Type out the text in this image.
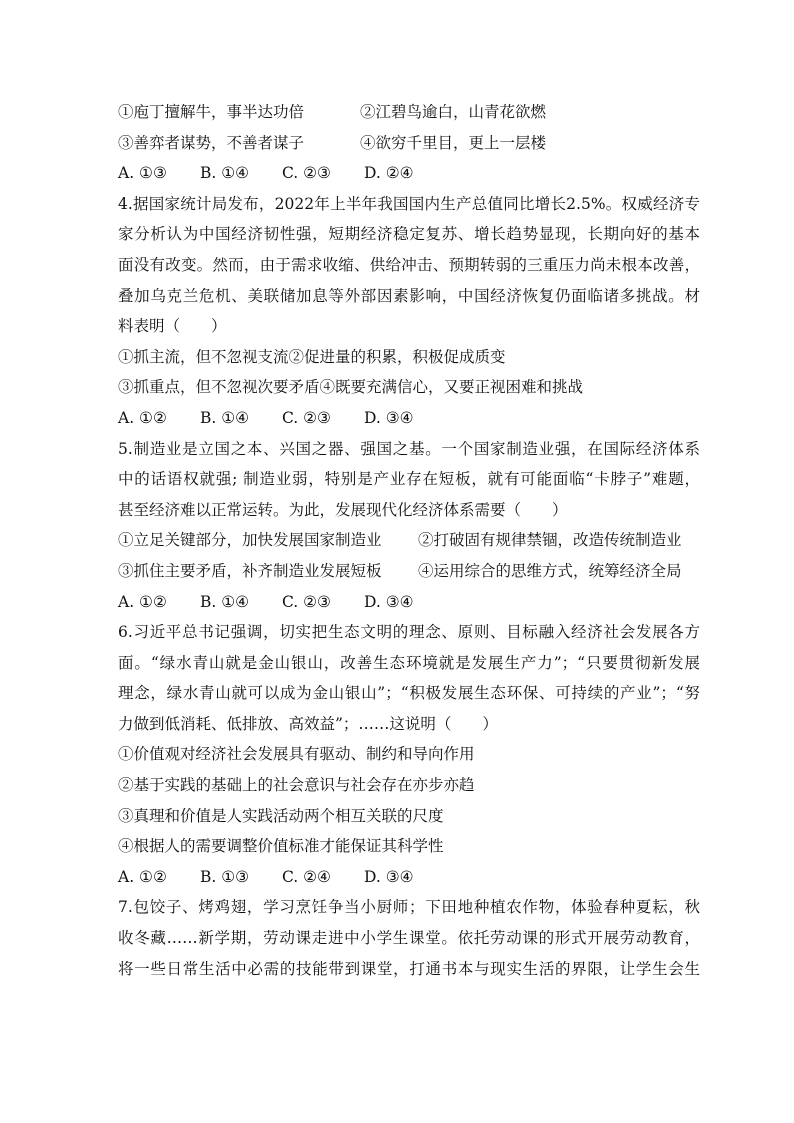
①庖丁擅解牛，事半达功倍	②江碧鸟逾白，山青花欲燃
③善弈者谋势，不善者谋子	④欲穷千里目，更上一层楼
A. ①③	B. ①④	C. ②③	D. ②④
4.据国家统计局发布，2022年上半年我国国内生产总值同比增长2.5%。权威经济专
家分析认为中国经济韧性强，短期经济稳定复苏、增长趋势显现，长期向好的基本
面没有改变。然而，由于需求收缩、供给冲击、预期转弱的三重压力尚未根本改善，
叠加乌克兰危机、美联储加息等外部因素影响，中国经济恢复仍面临诸多挑战。材
料表明（　　）
①抓主流，但不忽视支流②促进量的积累，积极促成质变
③抓重点，但不忽视次要矛盾④既要充满信心，又要正视困难和挑战
A. ①②	B. ①④	C. ②③	D. ③④
5.制造业是立国之本、兴国之器、强国之基。一个国家制造业强，在国际经济体系
中的话语权就强; 制造业弱，特别是产业存在短板，就有可能面临“卡脖子”难题，
甚至经济难以正常运转。为此，发展现代化经济体系需要（　　）
①立足关键部分，加快发展国家制造业	②打破固有规律禁锢，改造传统制造业
③抓住主要矛盾，补齐制造业发展短板	④运用综合的思维方式，统筹经济全局
A. ①②	B. ①④	C. ②③	D. ③④
6.习近平总书记强调，切实把生态文明的理念、原则、目标融入经济社会发展各方
面。“绿水青山就是金山银山，改善生态环境就是发展生产力”；“只要贯彻新发展
理念，绿水青山就可以成为金山银山”；“积极发展生态环保、可持续的产业”；“努
力做到低消耗、低排放、高效益”；……这说明（　　）
①价值观对经济社会发展具有驱动、制约和导向作用
②基于实践的基础上的社会意识与社会存在亦步亦趋
③真理和价值是人实践活动两个相互关联的尺度
④根据人的需要调整价值标准才能保证其科学性
A. ①②	B. ①③	C. ②④	D. ③④
7.包饺子、烤鸡翅，学习烹饪争当小厨师；下田地种植农作物，体验春种夏耘，秋
收冬藏……新学期，劳动课走进中小学生课堂。依托劳动课的形式开展劳动教育，
将一些日常生活中必需的技能带到课堂，打通书本与现实生活的界限，让学生会生
